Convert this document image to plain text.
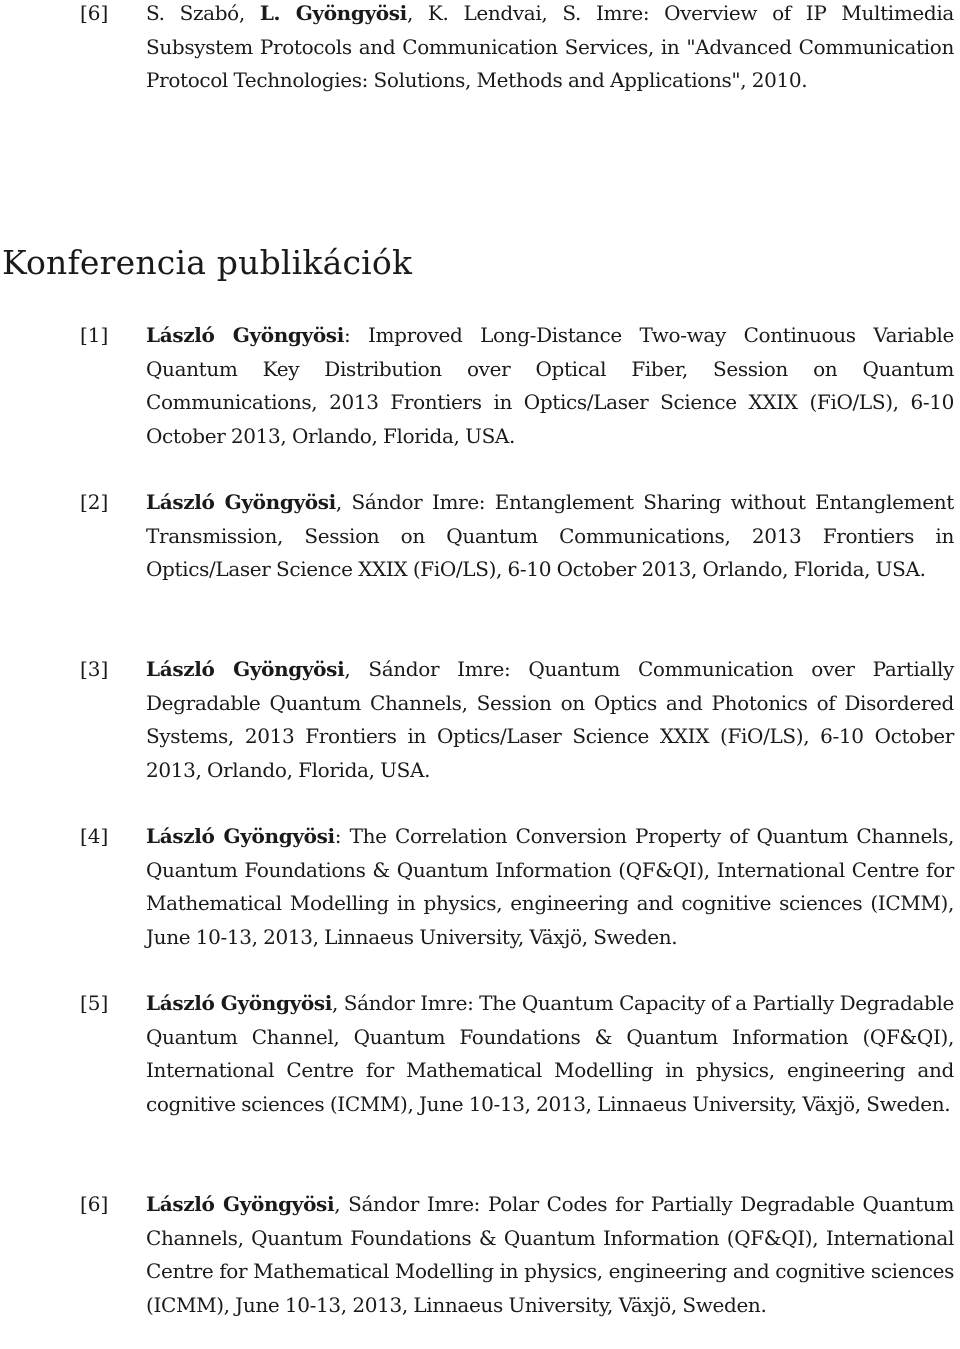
[6]	S. Szabó, L. Gyöngyösi, K. Lendvai, S. Imre: Overview of IP Multimedia Subsystem Protocols and Communication Services, in "Advanced Communication Protocol Technologies: Solutions, Methods and Applications", 2010.
Konferencia publikációk
[1]	László Gyöngyösi: Improved Long-Distance Two-way Continuous Variable Quantum Key Distribution over Optical Fiber, Session on Quantum Communications, 2013 Frontiers in Optics/Laser Science XXIX (FiO/LS), 6-10 October 2013, Orlando, Florida, USA.
[2]	László Gyöngyösi, Sándor Imre: Entanglement Sharing without Entanglement Transmission, Session on Quantum Communications, 2013 Frontiers in Optics/Laser Science XXIX (FiO/LS), 6-10 October 2013, Orlando, Florida, USA.
[3]	László Gyöngyösi, Sándor Imre: Quantum Communication over Partially Degradable Quantum Channels, Session on Optics and Photonics of Disordered Systems, 2013 Frontiers in Optics/Laser Science XXIX (FiO/LS), 6-10 October 2013, Orlando, Florida, USA.
[4]	László Gyöngyösi: The Correlation Conversion Property of Quantum Channels, Quantum Foundations & Quantum Information (QF&QI), International Centre for Mathematical Modelling in physics, engineering and cognitive sciences (ICMM), June 10-13, 2013, Linnaeus University, Växjö, Sweden.
[5]	László Gyöngyösi, Sándor Imre: The Quantum Capacity of a Partially Degradable Quantum Channel, Quantum Foundations & Quantum Information (QF&QI), International Centre for Mathematical Modelling in physics, engineering and cognitive sciences (ICMM), June 10-13, 2013, Linnaeus University, Växjö, Sweden.
[6]	László Gyöngyösi, Sándor Imre: Polar Codes for Partially Degradable Quantum Channels, Quantum Foundations & Quantum Information (QF&QI), International Centre for Mathematical Modelling in physics, engineering and cognitive sciences (ICMM), June 10-13, 2013, Linnaeus University, Växjö, Sweden.
